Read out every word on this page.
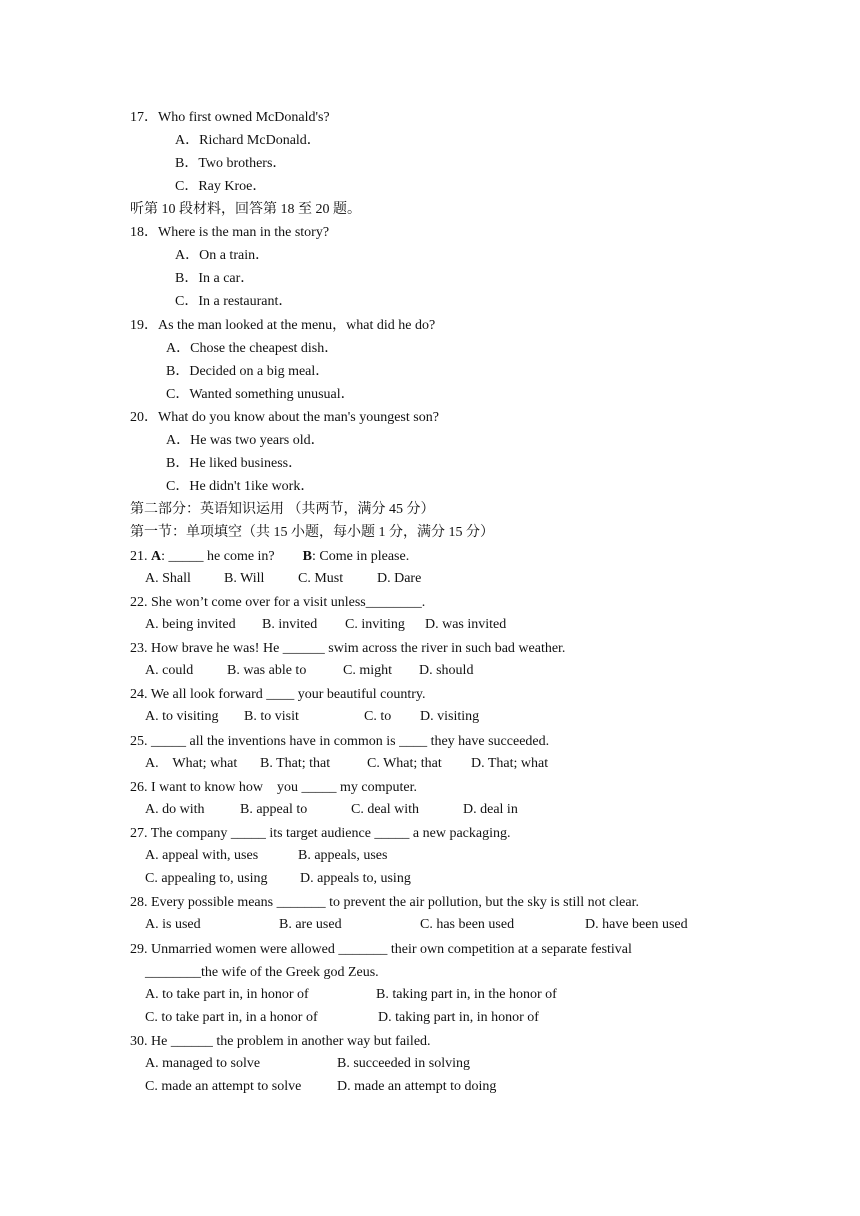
17．Who first owned McDonald's?
A．Richard McDonald．
B．Two brothers．
C．Ray Kroe．
听第 10 段材料，回答第 18 至 20 题。
18．Where is the man in the story?
A．On a train．
B．In a car．
C．In a restaurant．
19．As the man looked at the menu，what did he do?
A．Chose the cheapest dish．
B．Decided on a big meal．
C．Wanted something unusual．
20．What do you know about the man's youngest son?
A．He was two years old．
B．He liked business．
C．He didn't 1ike work．
第二部分：英语知识运用 （共两节，满分 45 分）
第一节：单项填空（共 15 小题，每小题 1 分，满分 15 分）
21. A: _____ he come in?        B: Come in please.
A. Shall B. Will C. Must D. Dare
22. She won’t come over for a visit unless________.
A. being invited B. invited C. inviting D. was invited
23. How brave he was! He ______ swim across the river in such bad weather.
A. could B. was able to	C. might D. should
24. We all look forward ____ your beautiful country.
A. to visiting B. to visit	C. to D. visiting
25. _____ all the inventions have in common is ____ they have succeeded.
A.    What; what B. That; that	C. What; that D. That; what
26. I want to know how    you _____ my computer.
A. do with	B. appeal to	C. deal with	D. deal in
27. The company _____ its target audience _____ a new packaging.
A. appeal with, uses	B. appeals, uses
C. appealing to, using D. appeals to, using
28. Every possible means _______ to prevent the air pollution, but the sky is still not clear.
A. is used	B. are used	C. has been used	D. have been used
29. Unmarried women were allowed _______ their own competition at a separate festival
________the wife of the Greek god Zeus.
A. to take part in, in honor of	B. taking part in, in the honor of
C. to take part in, in a honor of	D. taking part in, in honor of
30. He ______ the problem in another way but failed.
A. managed to solve	B. succeeded in solving
C. made an attempt to solve	D. made an attempt to doing
